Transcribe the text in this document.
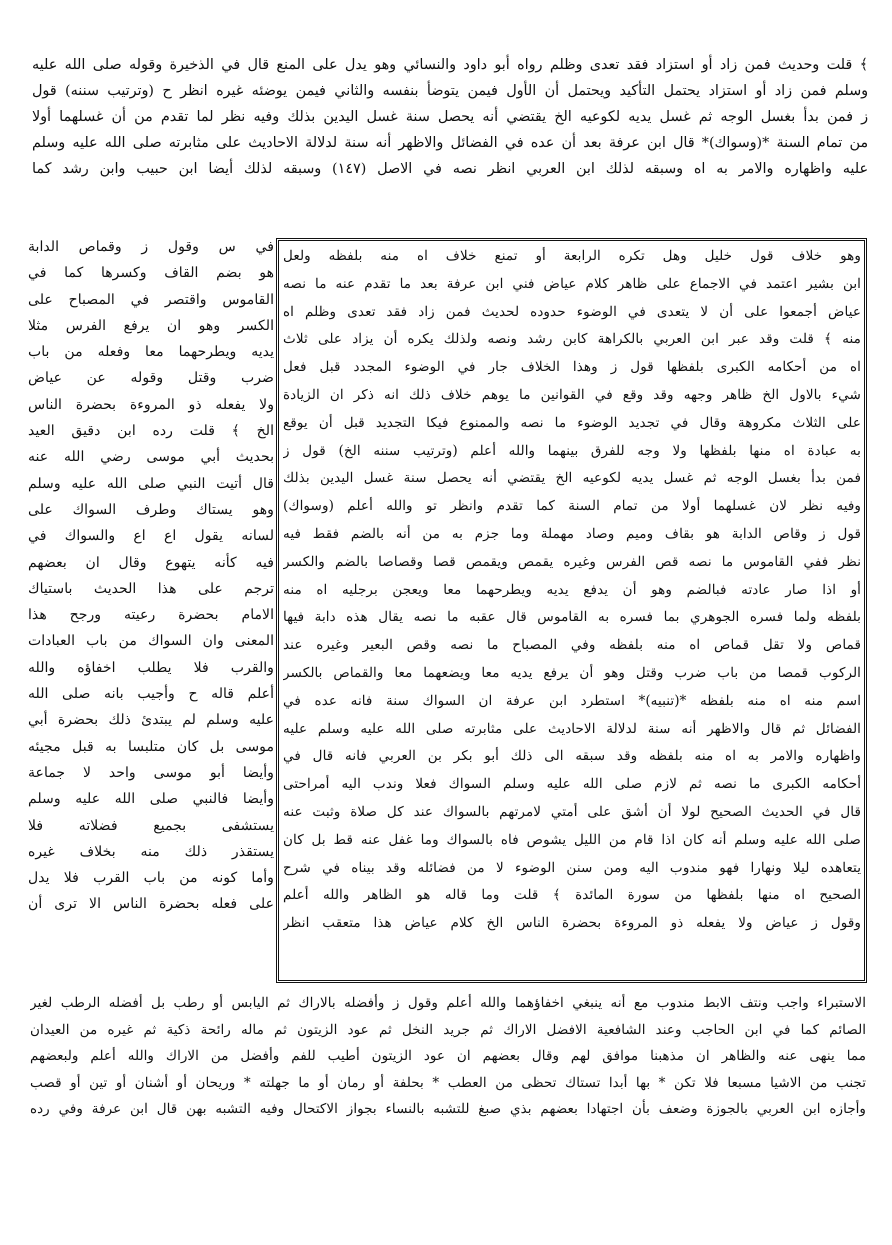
﴾ قلت وحديث فمن زاد أو استزاد فقد تعدى وظلم رواه أبو داود والنسائي وهو يدل على المنع قال في الذخيرة وقوله صلى الله عليه
وسلم فمن زاد أو استزاد يحتمل التأكيد ويحتمل أن الأول فيمن يتوضأ بنفسه والثاني فيمن يوضئه غيره انظر ح (وترتيب سننه) قول
ز فمن بدأ بغسل الوجه ثم غسل يديه لكوعيه الخ يقتضي أنه يحصل سنة غسل اليدين بذلك وفيه نظر لما تقدم من أن غسلهما أولا
من تمام السنة *(وسواك)* قال ابن عرفة بعد أن عده في الفضائل والاظهر أنه سنة لدلالة الاحاديث على مثابرته صلى الله عليه وسلم
عليه واظهاره والامر به اه وسبقه لذلك ابن العربي انظر نصه في الاصل (١٤٧) وسبقه لذلك أيضا ابن حبيب وابن رشد كما
وهو خلاف قول خليل وهل تكره الرابعة أو تمنع خلاف اه منه بلفظه ولعل
ابن بشير اعتمد في الاجماع على ظاهر كلام عياض فني ابن عرفة بعد ما تقدم عنه ما نصه
عياض أجمعوا على أن لا يتعدى في الوضوء حدوده لحديث فمن زاد فقد تعدى وظلم اه
منه ﴾ قلت وقد عبر ابن العربي بالكراهة كابن رشد ونصه ولذلك يكره أن يزاد على ثلاث
اه من أحكامه الكبرى بلفظها قول ز وهذا الخلاف جار في الوضوء المجدد قبل فعل
شيء بالاول الخ ظاهر وجهه وقد وقع في القوانين ما يوهم خلاف ذلك انه ذكر ان الزيادة
على الثلاث مكروهة وقال في تجديد الوضوء ما نصه والممنوع فيكا التجديد قبل أن يوقع
به عبادة اه منها بلفظها ولا وجه للفرق بينهما والله أعلم (وترتيب سننه الخ) قول ز
فمن بدأ بغسل الوجه ثم غسل يديه لكوعيه الخ يقتضي أنه يحصل سنة غسل اليدين بذلك
وفيه نظر لان غسلهما أولا من تمام السنة كما تقدم وانظر تو والله أعلم (وسواك)
قول ز وقاص الدابة هو بقاف وميم وصاد مهملة وما جزم به من أنه بالضم فقط فيه
نظر ففي القاموس ما نصه قص الفرس وغيره يقمص ويقمص قصا وقصاصا بالضم والكسر
أو اذا صار عادته فبالضم وهو أن يدفع يديه ويطرحهما معا ويعجن برجليه اه منه
بلفظه ولما فسره الجوهري بما فسره به القاموس قال عقبه ما نصه يقال هذه دابة فيها
قماص ولا تقل قماص اه منه بلفظه وفي المصباح ما نصه وقص البعير وغيره عند
الركوب قمصا من باب ضرب وقتل وهو أن يرفع يديه معا ويضعهما معا والقماص بالكسر
اسم منه اه منه بلفظه *(تنبيه)* استطرد ابن عرفة ان السواك سنة فانه عده في
الفضائل ثم قال والاظهر أنه سنة لدلالة الاحاديث على مثابرته صلى الله عليه وسلم عليه
واظهاره والامر به اه منه بلفظه وقد سبقه الى ذلك أبو بكر بن العربي فانه قال في
أحكامه الكبرى ما نصه ثم لازم صلى الله عليه وسلم السواك فعلا وندب اليه أمراحتى
قال في الحديث الصحيح لولا أن أشق على أمتي لامرتهم بالسواك عند كل صلاة وثبت عنه
صلى الله عليه وسلم أنه كان اذا قام من الليل يشوص فاه بالسواك وما غفل عنه قط بل كان
يتعاهده ليلا ونهارا فهو مندوب اليه ومن سنن الوضوء لا من فضائله وقد بيناه في شرح
الصحيح اه منها بلفظها من سورة المائدة ﴾ قلت وما قاله هو الظاهر والله أعلم
وقول ز عياض ولا يفعله ذو المروءة بحضرة الناس الخ كلام عياض هذا متعقب انظر
في س وقول ز وقماص الدابة
هو بضم القاف وكسرها كما في
القاموس واقتصر في المصباح على
الكسر وهو ان يرفع الفرس مثلا
يديه ويطرحهما معا وفعله من باب
ضرب وقتل وقوله عن عياض
ولا يفعله ذو المروءة بحضرة الناس
الخ ﴾ قلت رده ابن دقيق العيد
بحديث أبي موسى رضي الله عنه
قال أتيت النبي صلى الله عليه وسلم
وهو يستاك وطرف السواك على
لسانه يقول اع اع والسواك في
فيه كأنه يتهوع وقال ان بعضهم
ترجم على هذا الحديث باستياك
الامام بحضرة رعيته ورجح هذا
المعنى وان السواك من باب العبادات
والقرب فلا يطلب اخفاؤه والله
أعلم قاله ح وأجيب بانه صلى الله
عليه وسلم لم يبتدئ ذلك بحضرة أبي
موسى بل كان متلبسا به قبل مجيئه
وأيضا أبو موسى واحد لا جماعة
وأيضا فالنبي صلى الله عليه وسلم
يستشفى بجميع فضلاته فلا
يستقذر ذلك منه بخلاف غيره
وأما كونه من باب القرب فلا يدل
على فعله بحضرة الناس الا ترى أن
الاستبراء واجب ونتف الابط مندوب مع أنه ينبغي اخفاؤهما والله أعلم وقول ز وأفضله بالاراك ثم اليابس أو رطب بل أفضله الرطب لغير
الصائم كما في ابن الحاجب وعند الشافعية الافضل الاراك ثم جريد النخل ثم عود الزيتون ثم ماله رائحة ذكية ثم غيره من العيدان
مما ينهى عنه والظاهر ان مذهبنا موافق لهم وقال بعضهم ان عود الزيتون أطيب للفم وأفضل من الاراك والله أعلم ولبعضهم
تجنب من الاشيا مسبعا فلا تكن * بها أبدا تستاك تحظى من العطب * بحلفة أو رمان أو ما جهلته * وريحان أو أشنان أو تين أو قصب
وأجازه ابن العربي بالجوزة وضعف بأن اجتهادا بعضهم بذي صبغ للتشبه بالنساء بجواز الاكتحال وفيه التشبه بهن قال ابن عرفة وفي رده
